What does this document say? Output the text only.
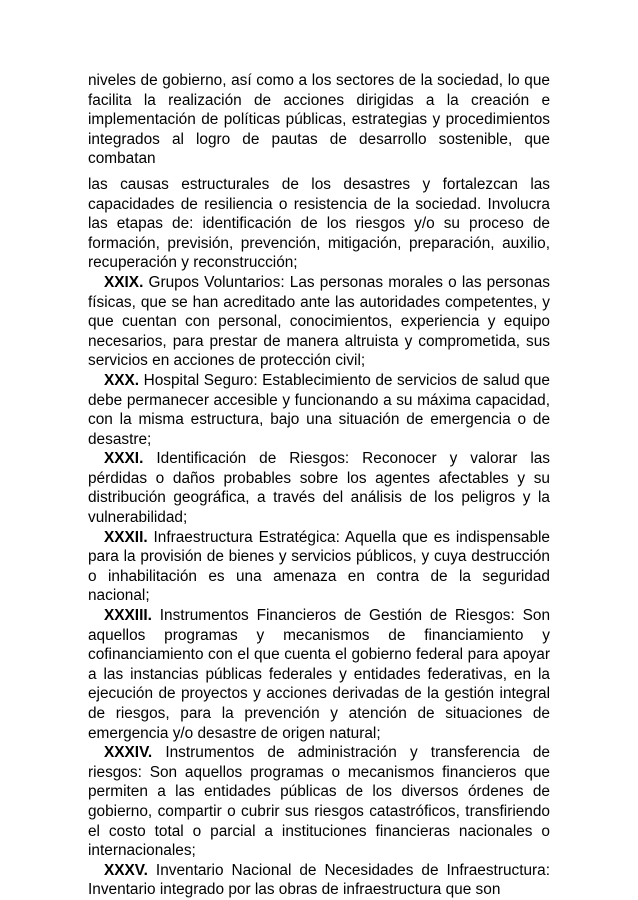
niveles de gobierno, así como a los sectores de la sociedad, lo que facilita la realización de acciones dirigidas a la creación e implementación de políticas públicas, estrategias y procedimientos integrados al logro de pautas de desarrollo sostenible, que combatan

las causas estructurales de los desastres y fortalezcan las capacidades de resiliencia o resistencia de la sociedad. Involucra las etapas de: identificación de los riesgos y/o su proceso de formación, previsión, prevención, mitigación, preparación, auxilio, recuperación y reconstrucción;

XXIX. Grupos Voluntarios: Las personas morales o las personas físicas, que se han acreditado ante las autoridades competentes, y que cuentan con personal, conocimientos, experiencia y equipo necesarios, para prestar de manera altruista y comprometida, sus servicios en acciones de protección civil;

XXX. Hospital Seguro: Establecimiento de servicios de salud que debe permanecer accesible y funcionando a su máxima capacidad, con la misma estructura, bajo una situación de emergencia o de desastre;

XXXI. Identificación de Riesgos: Reconocer y valorar las pérdidas o daños probables sobre los agentes afectables y su distribución geográfica, a través del análisis de los peligros y la vulnerabilidad;

XXXII. Infraestructura Estratégica: Aquella que es indispensable para la provisión de bienes y servicios públicos, y cuya destrucción o inhabilitación es una amenaza en contra de la seguridad nacional;

XXXIII. Instrumentos Financieros de Gestión de Riesgos: Son aquellos programas y mecanismos de financiamiento y cofinanciamiento con el que cuenta el gobierno federal para apoyar a las instancias públicas federales y entidades federativas, en la ejecución de proyectos y acciones derivadas de la gestión integral de riesgos, para la prevención y atención de situaciones de emergencia y/o desastre de origen natural;

XXXIV. Instrumentos de administración y transferencia de riesgos: Son aquellos programas o mecanismos financieros que permiten a las entidades públicas de los diversos órdenes de gobierno, compartir o cubrir sus riesgos catastróficos, transfiriendo el costo total o parcial a instituciones financieras nacionales o internacionales;

XXXV. Inventario Nacional de Necesidades de Infraestructura: Inventario integrado por las obras de infraestructura que son
